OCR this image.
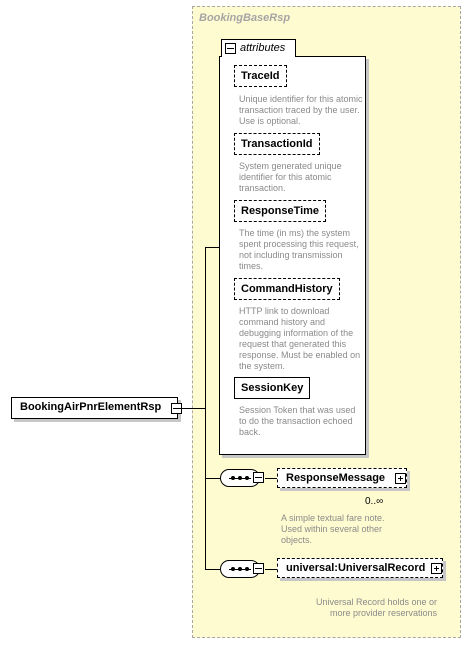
BookingBaseRsp
attributes
TraceId
Unique identifier for this atomic transaction traced by the user. Use is optional.
TransactionId
System generated unique identifier for this atomic transaction.
ResponseTime
The time (in ms) the system spent processing this request, not including transmission times.
CommandHistory
HTTP link to download command history and debugging information of the request that generated this response. Must be enabled on the system.
SessionKey
Session Token that was used to do the transaction echoed back.
BookingAirPnrElementRsp
ResponseMessage
0..∞
A simple textual fare note. Used within several other objects.
universal:UniversalRecord
Universal Record holds one or more provider reservations
